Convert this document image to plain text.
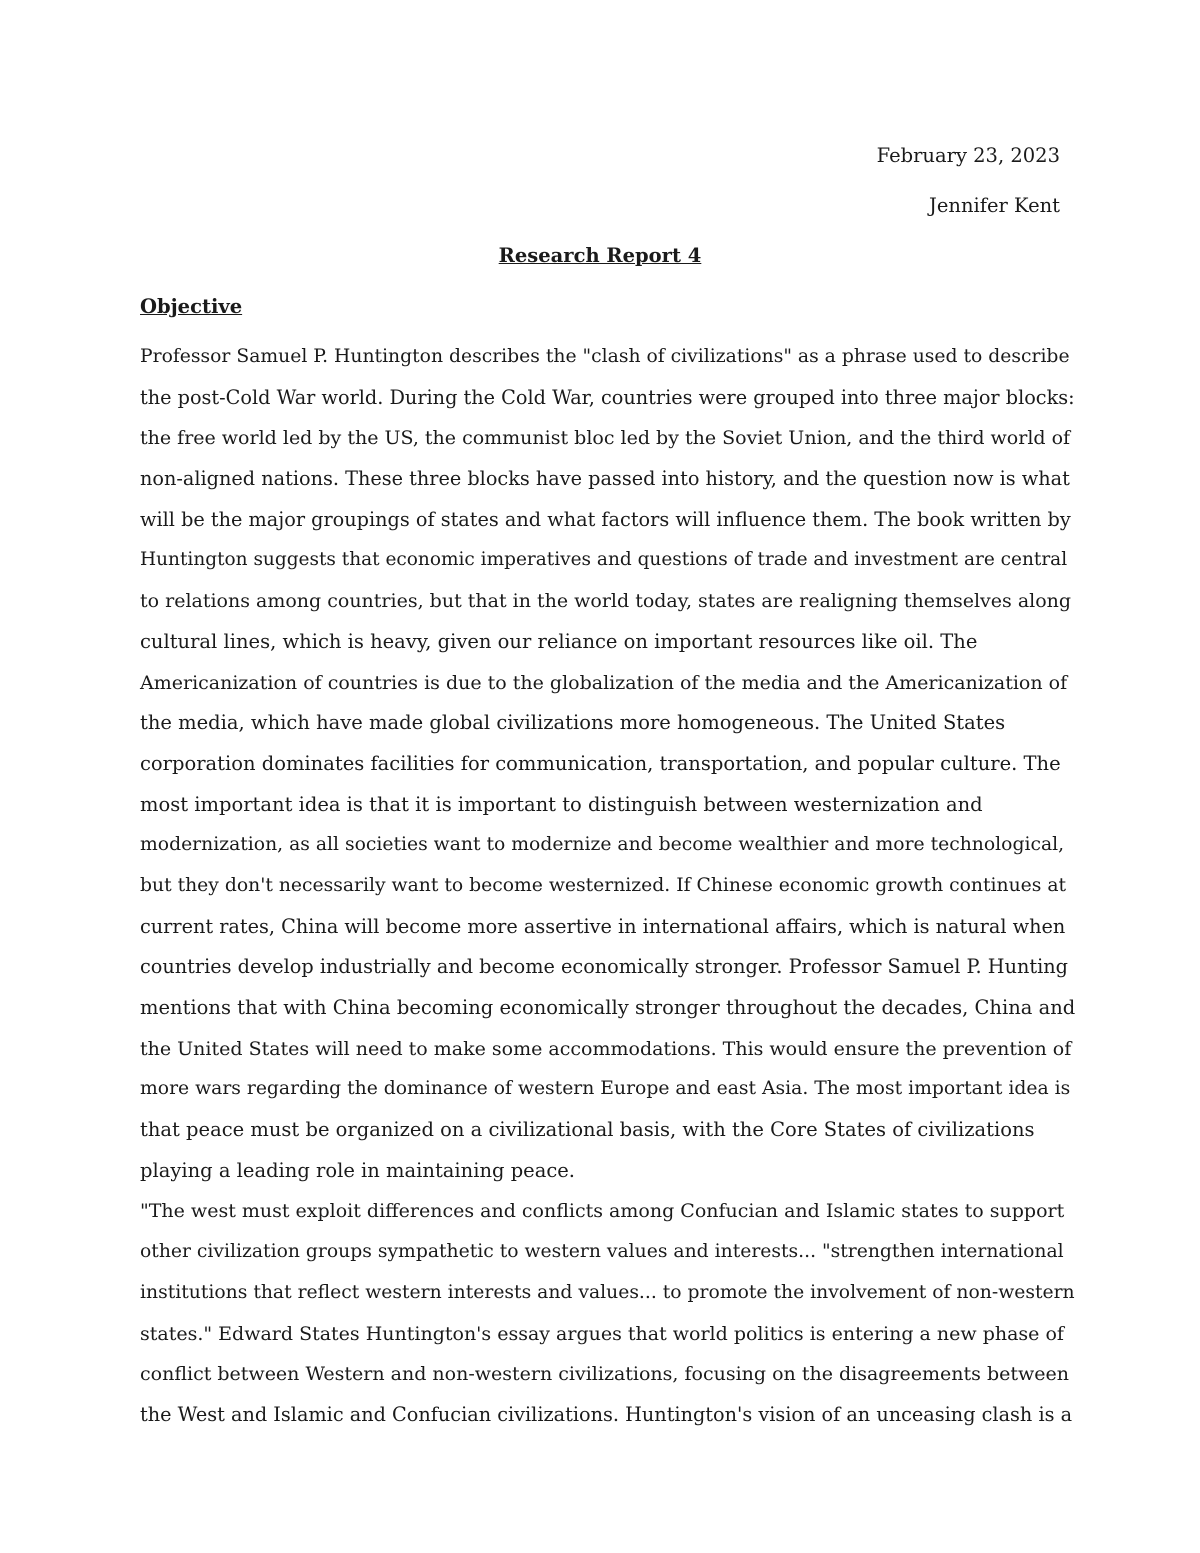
February 23, 2023
Jennifer Kent
Research Report 4
Objective
Professor Samuel P. Huntington describes the "clash of civilizations" as a phrase used to describe
the post-Cold War world. During the Cold War, countries were grouped into three major blocks:
the free world led by the US, the communist bloc led by the Soviet Union, and the third world of
non-aligned nations. These three blocks have passed into history, and the question now is what
will be the major groupings of states and what factors will influence them. The book written by
Huntington suggests that economic imperatives and questions of trade and investment are central
to relations among countries, but that in the world today, states are realigning themselves along
cultural lines, which is heavy, given our reliance on important resources like oil. The
Americanization of countries is due to the globalization of the media and the Americanization of
the media, which have made global civilizations more homogeneous. The United States
corporation dominates facilities for communication, transportation, and popular culture. The
most important idea is that it is important to distinguish between westernization and
modernization, as all societies want to modernize and become wealthier and more technological,
but they don't necessarily want to become westernized. If Chinese economic growth continues at
current rates, China will become more assertive in international affairs, which is natural when
countries develop industrially and become economically stronger. Professor Samuel P. Hunting
mentions that with China becoming economically stronger throughout the decades, China and
the United States will need to make some accommodations. This would ensure the prevention of
more wars regarding the dominance of western Europe and east Asia. The most important idea is
that peace must be organized on a civilizational basis, with the Core States of civilizations
playing a leading role in maintaining peace.
"The west must exploit differences and conflicts among Confucian and Islamic states to support
other civilization groups sympathetic to western values and interests... "strengthen international
institutions that reflect western interests and values... to promote the involvement of non-western
states." Edward States Huntington's essay argues that world politics is entering a new phase of
conflict between Western and non-western civilizations, focusing on the disagreements between
the West and Islamic and Confucian civilizations. Huntington's vision of an unceasing clash is a
